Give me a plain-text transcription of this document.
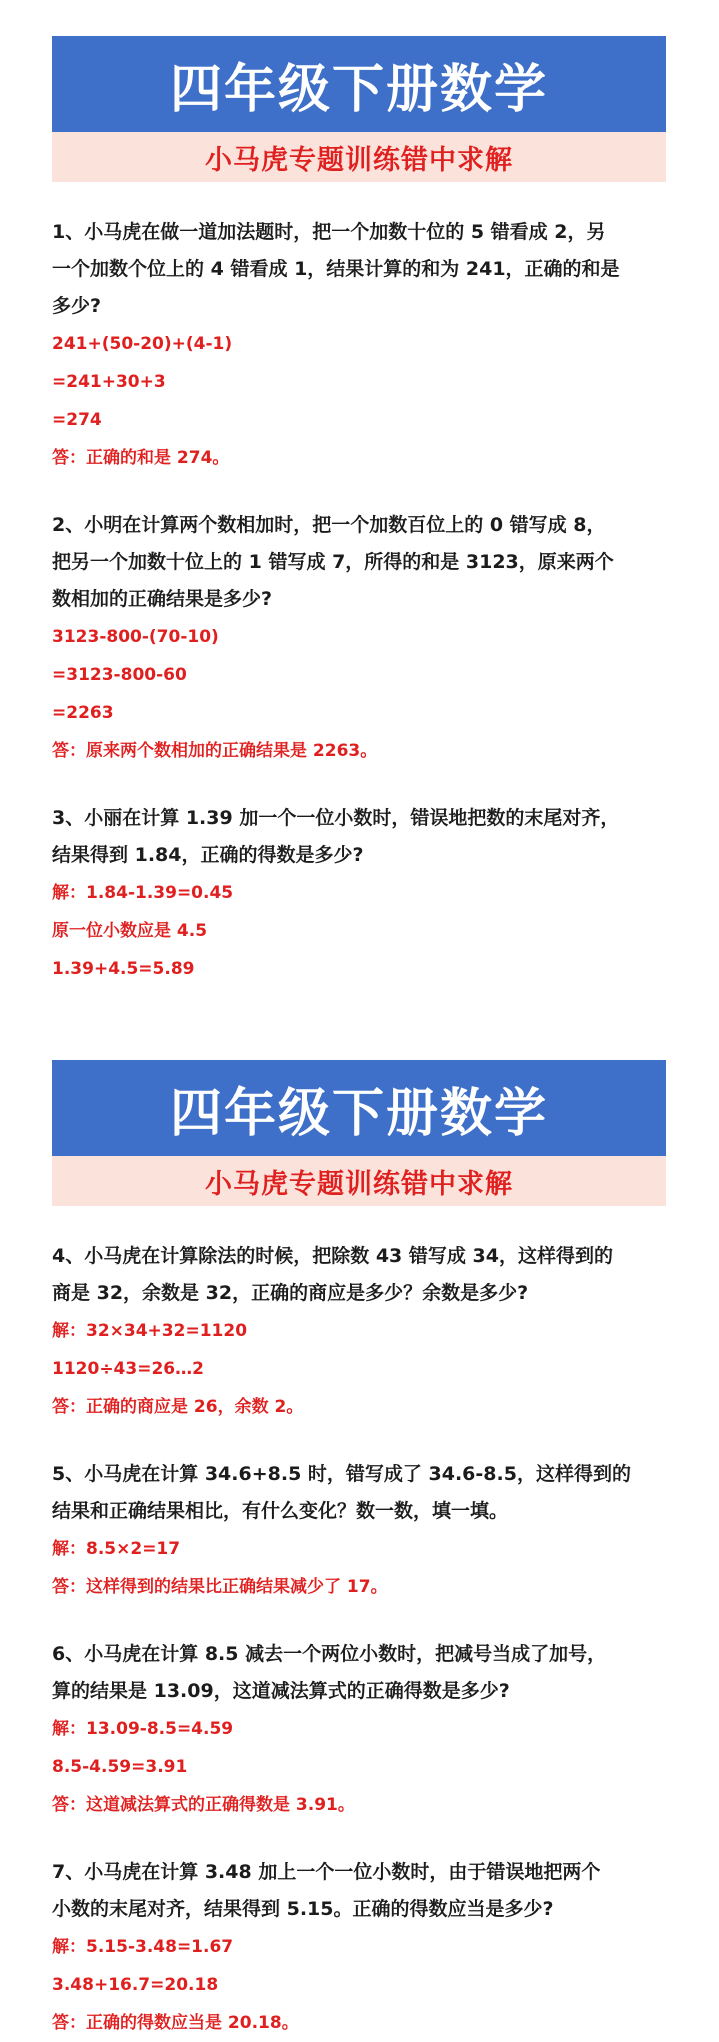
四年级下册数学
小马虎专题训练错中求解
1、小马虎在做一道加法题时，把一个加数十位的 5 错看成 2，另
一个加数个位上的 4 错看成 1，结果计算的和为 241，正确的和是
多少?
241+(50-20)+(4-1)
=241+30+3
=274
答：正确的和是 274。
2、小明在计算两个数相加时，把一个加数百位上的 0 错写成 8，
把另一个加数十位上的 1 错写成 7，所得的和是 3123，原来两个
数相加的正确结果是多少?
3123-800-(70-10)
=3123-800-60
=2263
答：原来两个数相加的正确结果是 2263。
3、小丽在计算 1.39 加一个一位小数时，错误地把数的末尾对齐，
结果得到 1.84，正确的得数是多少?
解：1.84-1.39=0.45
原一位小数应是 4.5
1.39+4.5=5.89
四年级下册数学
小马虎专题训练错中求解
4、小马虎在计算除法的时候，把除数 43 错写成 34，这样得到的
商是 32，余数是 32，正确的商应是多少？余数是多少?
解：32×34+32=1120
1120÷43=26…2
答：正确的商应是 26，余数 2。
5、小马虎在计算 34.6+8.5 时，错写成了 34.6-8.5，这样得到的
结果和正确结果相比，有什么变化？数一数，填一填。
解：8.5×2=17
答：这样得到的结果比正确结果减少了 17。
6、小马虎在计算 8.5 减去一个两位小数时，把减号当成了加号，
算的结果是 13.09，这道减法算式的正确得数是多少?
解：13.09-8.5=4.59
8.5-4.59=3.91
答：这道减法算式的正确得数是 3.91。
7、小马虎在计算 3.48 加上一个一位小数时，由于错误地把两个
小数的末尾对齐，结果得到 5.15。正确的得数应当是多少?
解：5.15-3.48=1.67
3.48+16.7=20.18
答：正确的得数应当是 20.18。
